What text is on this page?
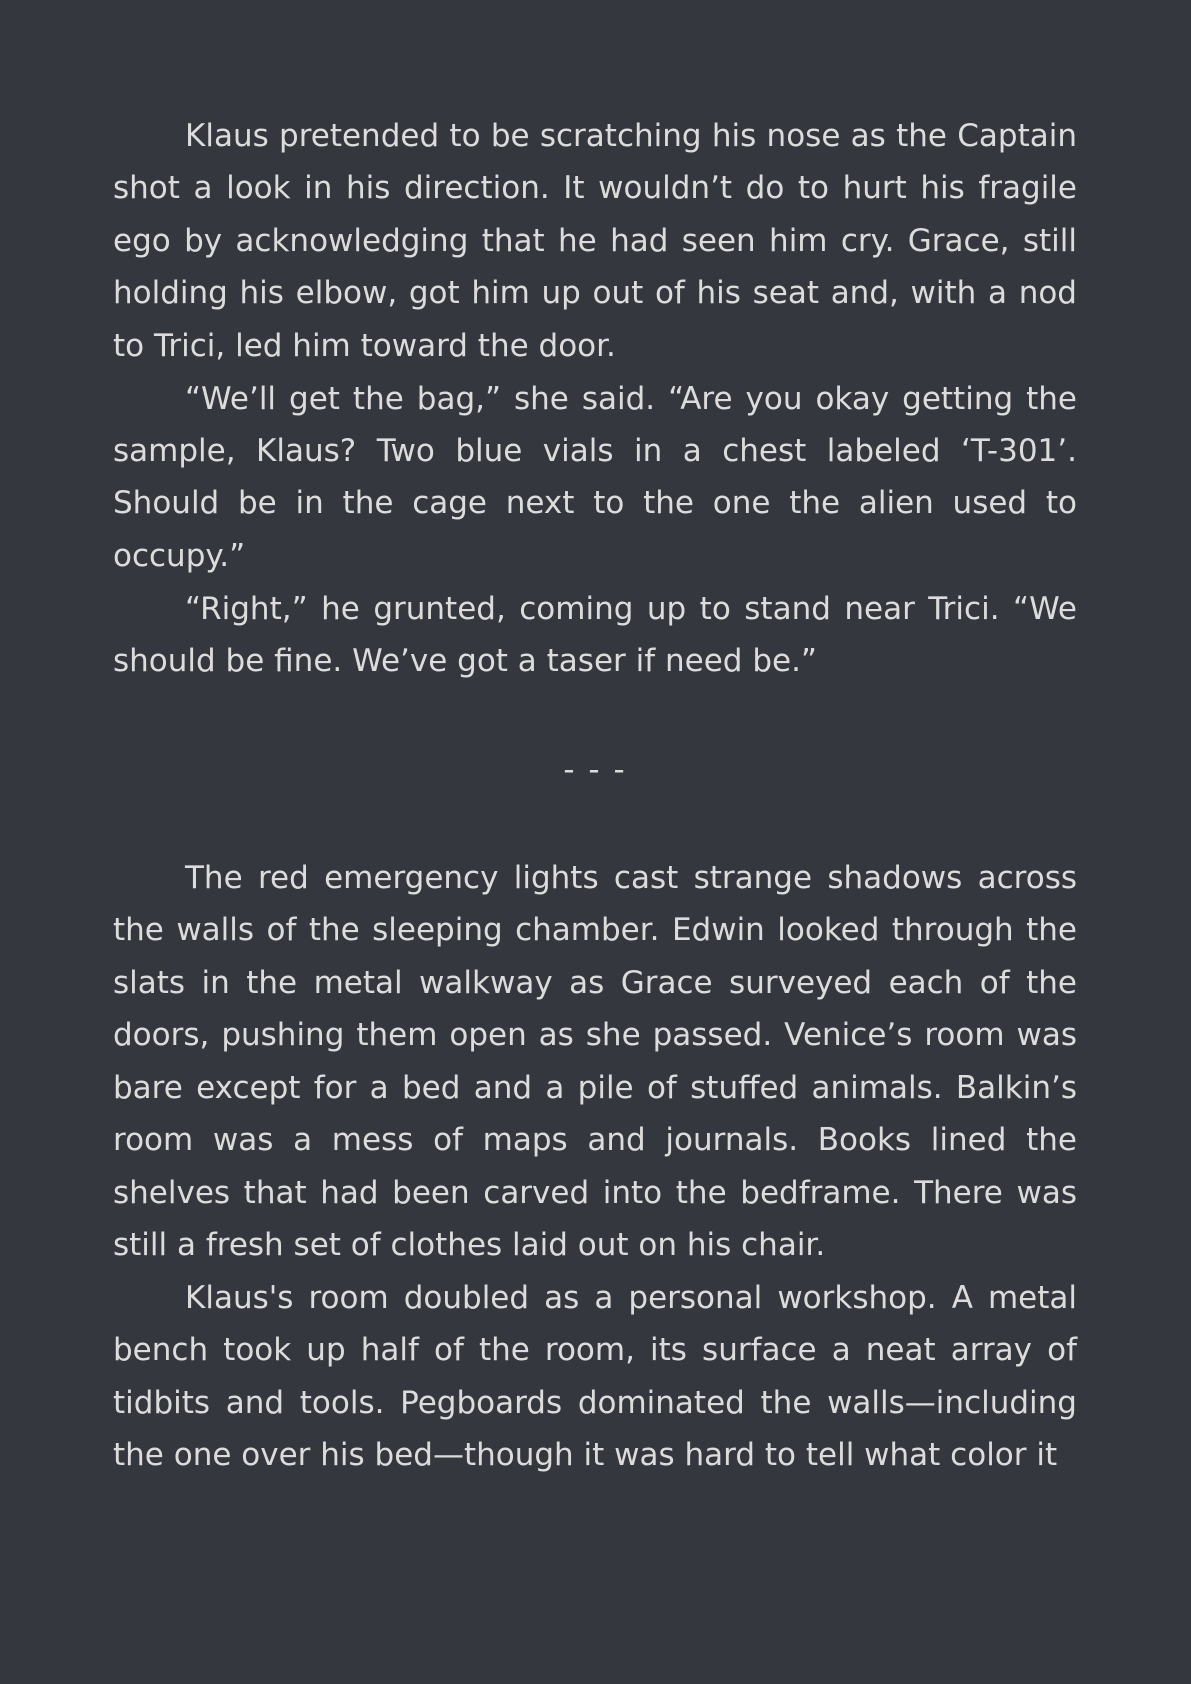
Klaus pretended to be scratching his nose as the Captain shot a look in his direction. It wouldn’t do to hurt his fragile ego by acknowledging that he had seen him cry. Grace, still holding his elbow, got him up out of his seat and, with a nod to Trici, led him toward the door.

“We’ll get the bag,” she said. “Are you okay getting the sample, Klaus? Two blue vials in a chest labeled ‘T-301’. Should be in the cage next to the one the alien used to occupy.”

“Right,” he grunted, coming up to stand near Trici. “We should be fine. We’ve got a taser if need be.”

- - -

The red emergency lights cast strange shadows across the walls of the sleeping chamber. Edwin looked through the slats in the metal walkway as Grace surveyed each of the doors, pushing them open as she passed. Venice’s room was bare except for a bed and a pile of stuffed animals. Balkin’s room was a mess of maps and journals. Books lined the shelves that had been carved into the bedframe. There was still a fresh set of clothes laid out on his chair.

Klaus's room doubled as a personal workshop. A metal bench took up half of the room, its surface a neat array of tidbits and tools. Pegboards dominated the walls—including the one over his bed—though it was hard to tell what color it
